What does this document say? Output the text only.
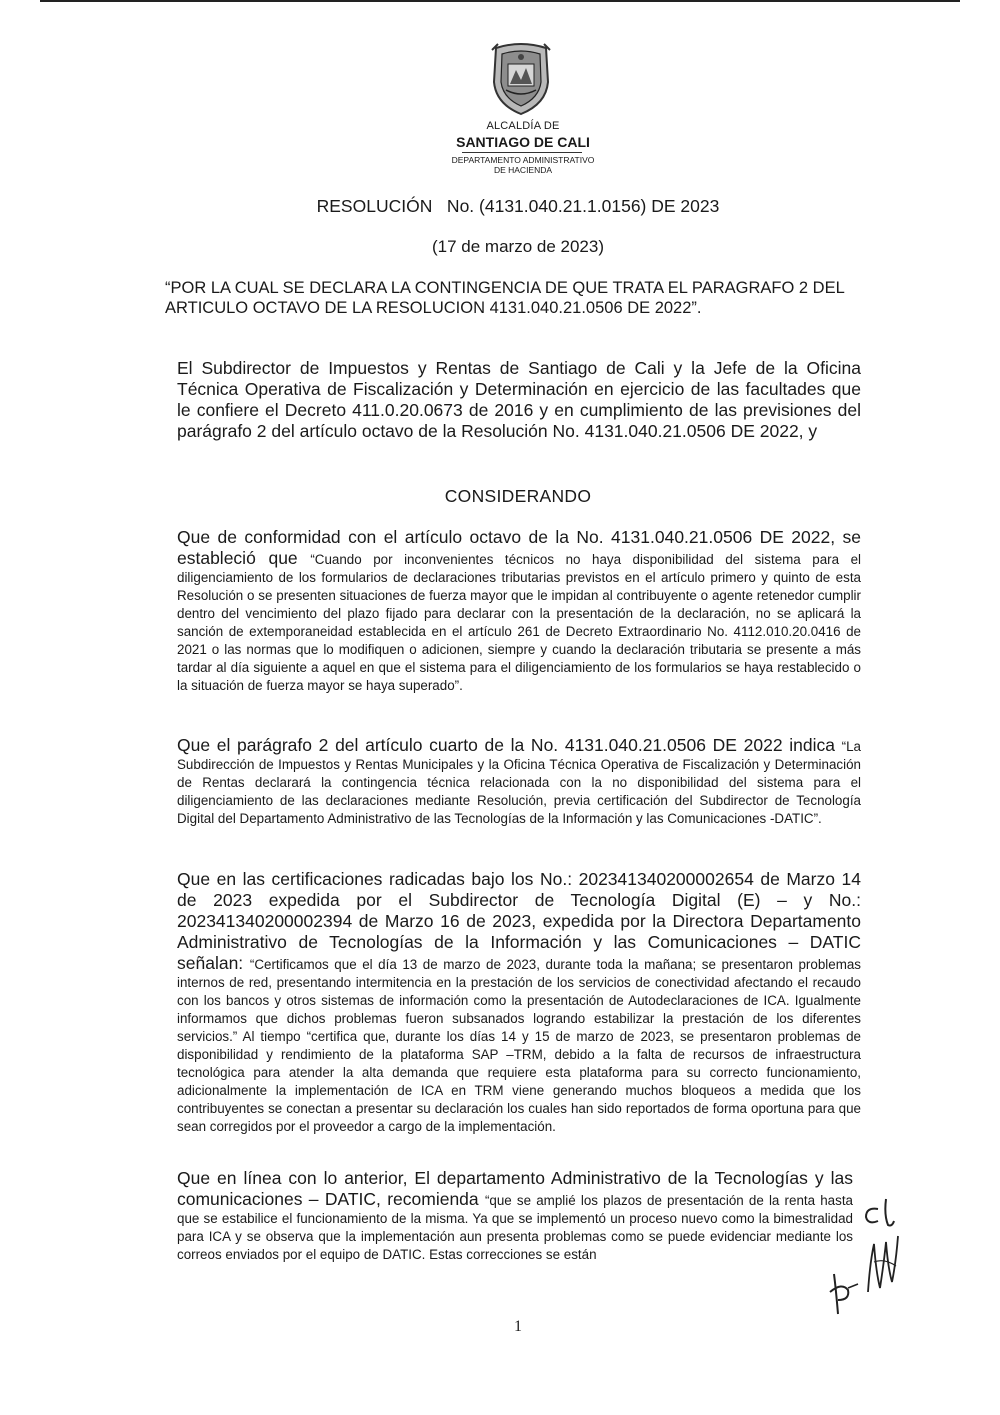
ALCALDÍA DE
SANTIAGO DE CALI
DEPARTAMENTO ADMINISTRATIVO
DE HACIENDA
RESOLUCIÓN   No. (4131.040.21.1.0156) DE 2023
(17 de marzo de 2023)
“POR LA CUAL SE DECLARA LA CONTINGENCIA DE QUE TRATA EL PARAGRAFO 2 DEL ARTICULO OCTAVO DE LA RESOLUCION 4131.040.21.0506 DE 2022”.
El Subdirector de Impuestos y Rentas de Santiago de Cali y la Jefe de la Oficina Técnica Operativa de Fiscalización y Determinación en ejercicio de las facultades que le confiere el Decreto 411.0.20.0673 de 2016 y en cumplimiento de las previsiones del parágrafo 2 del artículo octavo de la Resolución No. 4131.040.21.0506 DE 2022, y
CONSIDERANDO
Que de conformidad con el artículo octavo de la No. 4131.040.21.0506 DE 2022, se estableció que “Cuando por inconvenientes técnicos no haya disponibilidad del sistema para el diligenciamiento de los formularios de declaraciones tributarias previstos en el artículo primero y quinto de esta Resolución o se presenten situaciones de fuerza mayor que le impidan al contribuyente o agente retenedor cumplir dentro del vencimiento del plazo fijado para declarar con la presentación de la declaración, no se aplicará la sanción de extemporaneidad establecida en el artículo 261 de Decreto Extraordinario No. 4112.010.20.0416 de 2021 o las normas que lo modifiquen o adicionen, siempre y cuando la declaración tributaria se presente a más tardar al día siguiente a aquel en que el sistema para el diligenciamiento de los formularios se haya restablecido o la situación de fuerza mayor se haya superado”.
Que el parágrafo 2 del artículo cuarto de la No. 4131.040.21.0506 DE 2022 indica “La Subdirección de Impuestos y Rentas Municipales y la Oficina Técnica Operativa de Fiscalización y Determinación de Rentas declarará la contingencia técnica relacionada con la no disponibilidad del sistema para el diligenciamiento de las declaraciones mediante Resolución, previa certificación del Subdirector de Tecnología Digital del Departamento Administrativo de las Tecnologías de la Información y las Comunicaciones -DATIC”.
Que en las certificaciones radicadas bajo los No.: 202341340200002654 de Marzo 14 de 2023 expedida por el Subdirector de Tecnología Digital (E) – y No.: 202341340200002394 de Marzo 16 de 2023, expedida por la Directora Departamento Administrativo de Tecnologías de la Información y las Comunicaciones – DATIC señalan: “Certificamos que el día 13 de marzo de 2023, durante toda la mañana; se presentaron problemas internos de red, presentando intermitencia en la prestación de los servicios de conectividad afectando el recaudo con los bancos y otros sistemas de información como la presentación de Autodeclaraciones de ICA. Igualmente informamos que dichos problemas fueron subsanados logrando estabilizar la prestación de los diferentes servicios.” Al tiempo “certifica que, durante los días 14 y 15 de marzo de 2023, se presentaron problemas de disponibilidad y rendimiento de la plataforma SAP –TRM, debido a la falta de recursos de infraestructura tecnológica para atender la alta demanda que requiere esta plataforma para su correcto funcionamiento, adicionalmente la implementación de ICA en TRM viene generando muchos bloqueos a medida que los contribuyentes se conectan a presentar su declaración los cuales han sido reportados de forma oportuna para que sean corregidos por el proveedor a cargo de la implementación.
Que en línea con lo anterior, El departamento Administrativo de la Tecnologías y las comunicaciones – DATIC, recomienda “que se amplié los plazos de presentación de la renta hasta que se estabilice el funcionamiento de la misma. Ya que se implementó un proceso nuevo como la bimestralidad para ICA y se observa que la implementación aun presenta problemas como se puede evidenciar mediante los correos enviados por el equipo de DATIC. Estas correcciones se están
1
